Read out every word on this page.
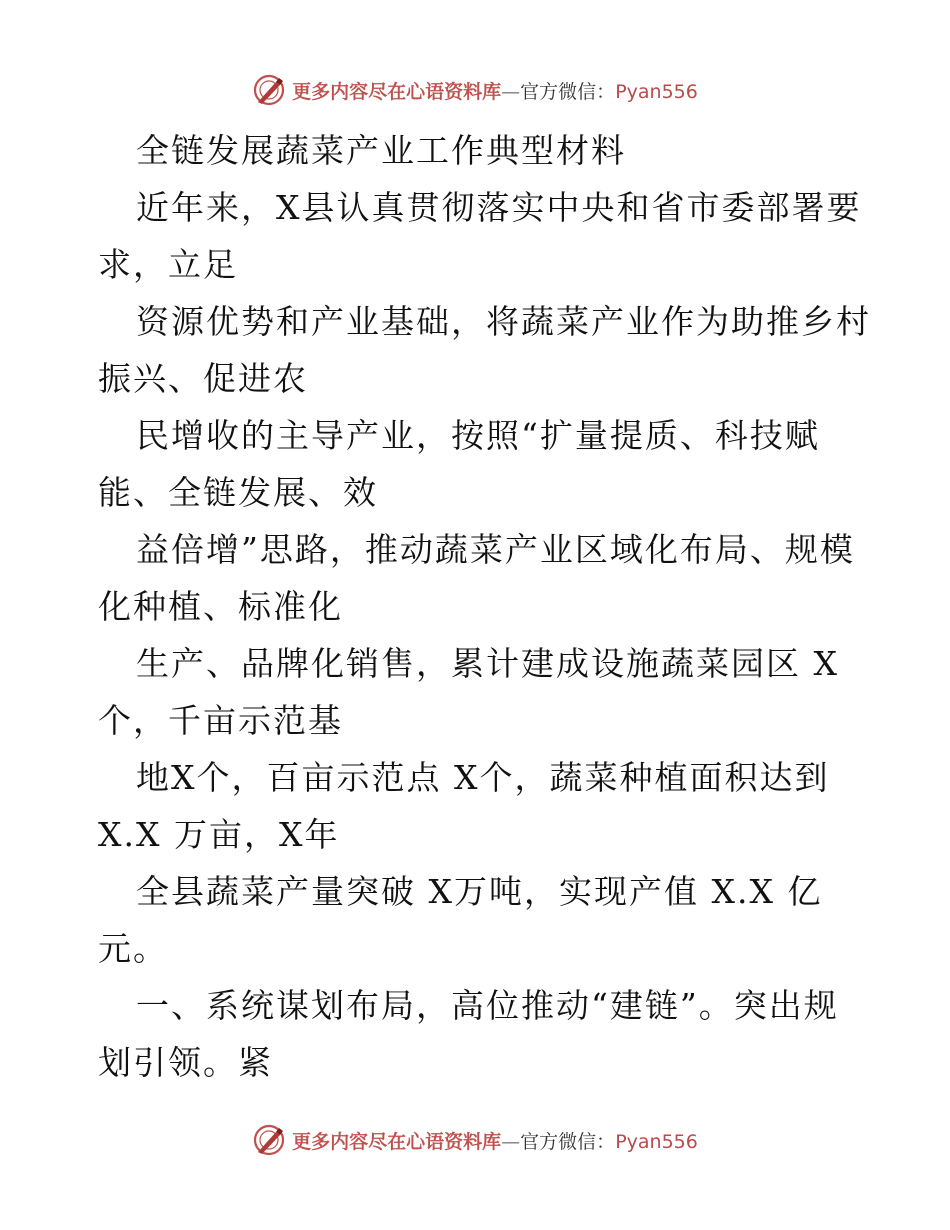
更多内容尽在心语资料库—官方微信：Pyan556
全链发展蔬菜产业工作典型材料
近年来，X县认真贯彻落实中央和省市委部署要
求，立足
资源优势和产业基础，将蔬菜产业作为助推乡村
振兴、促进农
民增收的主导产业，按照“扩量提质、科技赋
能、全链发展、效
益倍增”思路，推动蔬菜产业区域化布局、规模
化种植、标准化
生产、品牌化销售，累计建成设施蔬菜园区 X
个，千亩示范基
地X个，百亩示范点 X个，蔬菜种植面积达到
X.X 万亩，X年
全县蔬菜产量突破 X万吨，实现产值 X.X 亿
元。
一、系统谋划布局，高位推动“建链”。突出规
划引领。紧
更多内容尽在心语资料库—官方微信：Pyan556
